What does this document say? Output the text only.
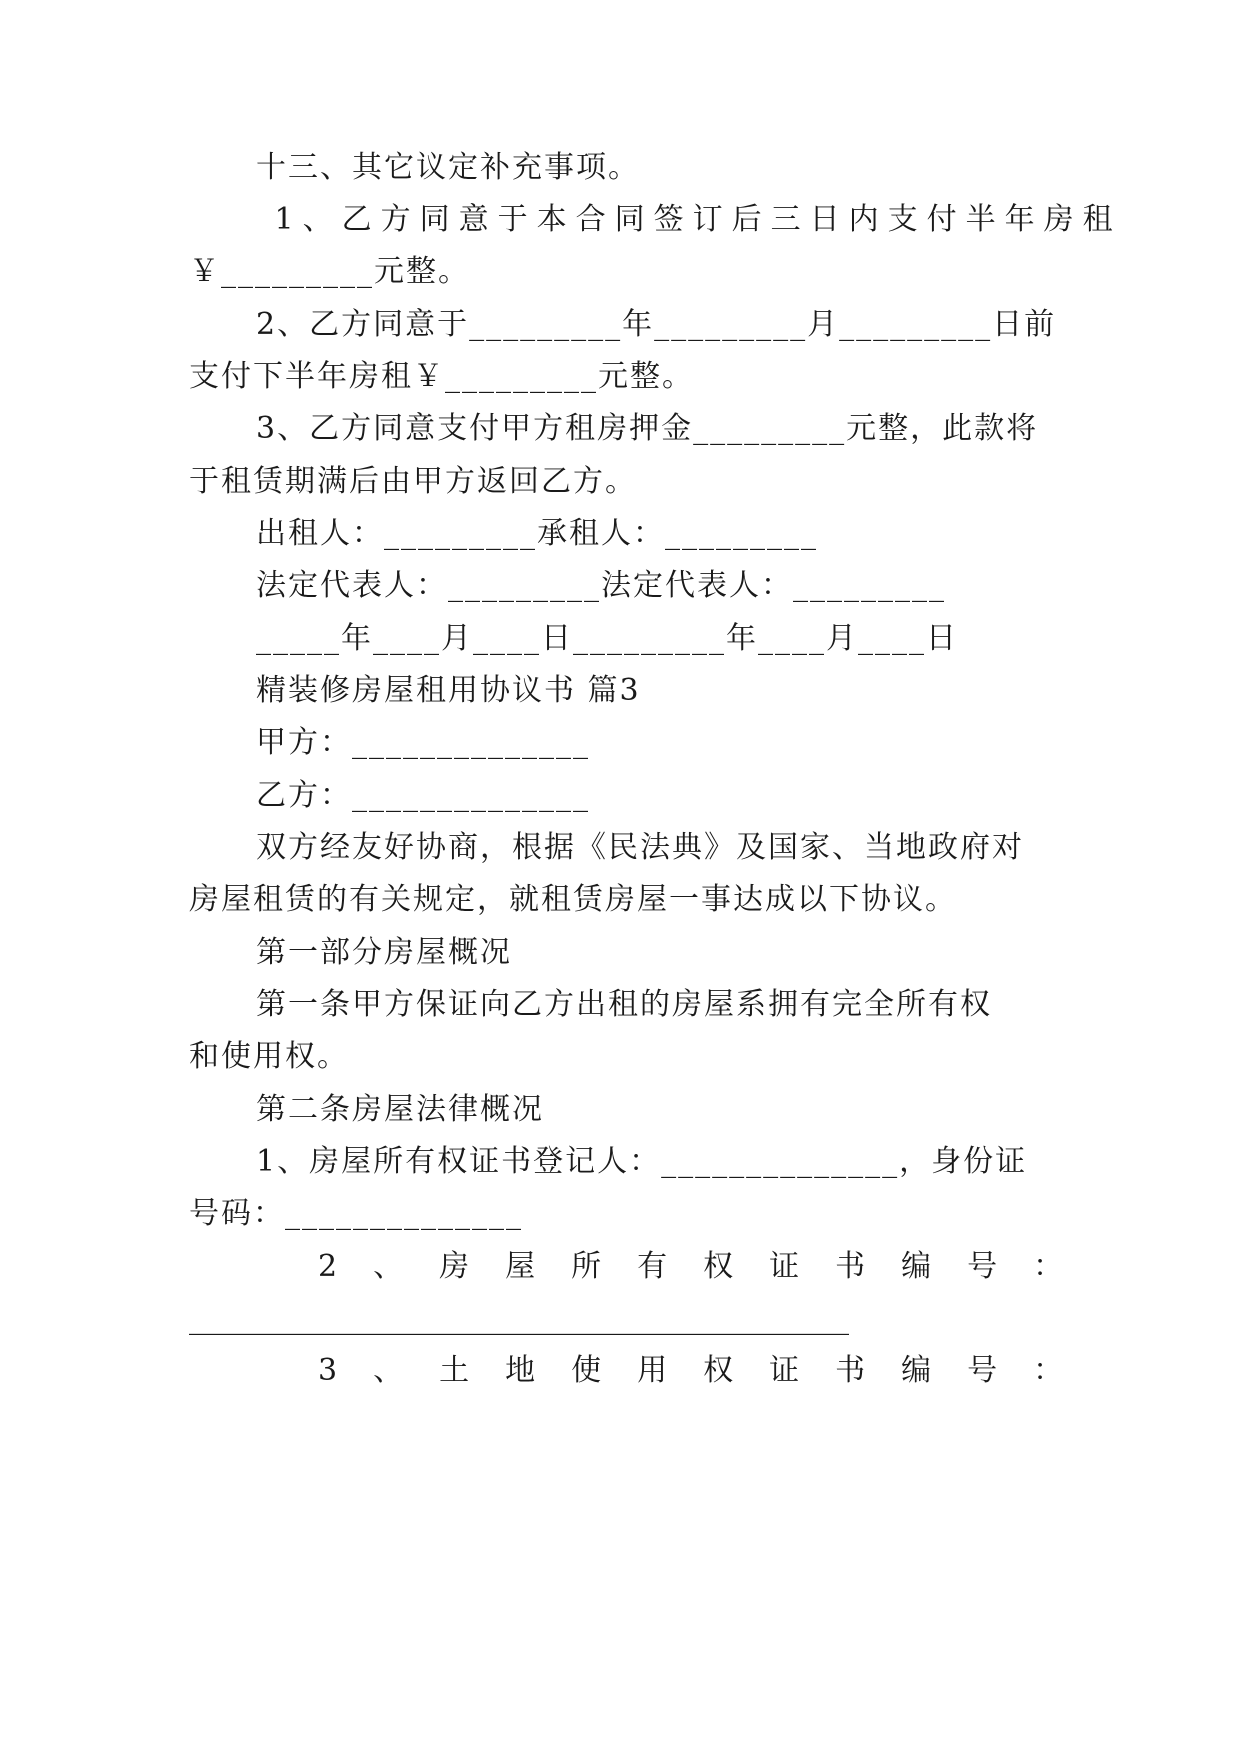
十三、其它议定补充事项。
1、乙方同意于本合同签订后三日内支付半年房租
￥_________元整。
2、乙方同意于_________年_________月_________日前
支付下半年房租￥_________元整。
3、乙方同意支付甲方租房押金_________元整，此款将
于租赁期满后由甲方返回乙方。
出租人：_________承租人：_________
法定代表人：_________法定代表人：_________
_____年____月____日_________年____月____日
精装修房屋租用协议书 篇3
甲方：______________
乙方：______________
双方经友好协商，根据《民法典》及国家、当地政府对
房屋租赁的有关规定，就租赁房屋一事达成以下协议。
第一部分房屋概况
第一条甲方保证向乙方出租的房屋系拥有完全所有权
和使用权。
第二条房屋法律概况
1、房屋所有权证书登记人：______________，身份证
号码：______________
2、房屋所有权证书编号：
____________________________________________
3、土地使用权证书编号：
